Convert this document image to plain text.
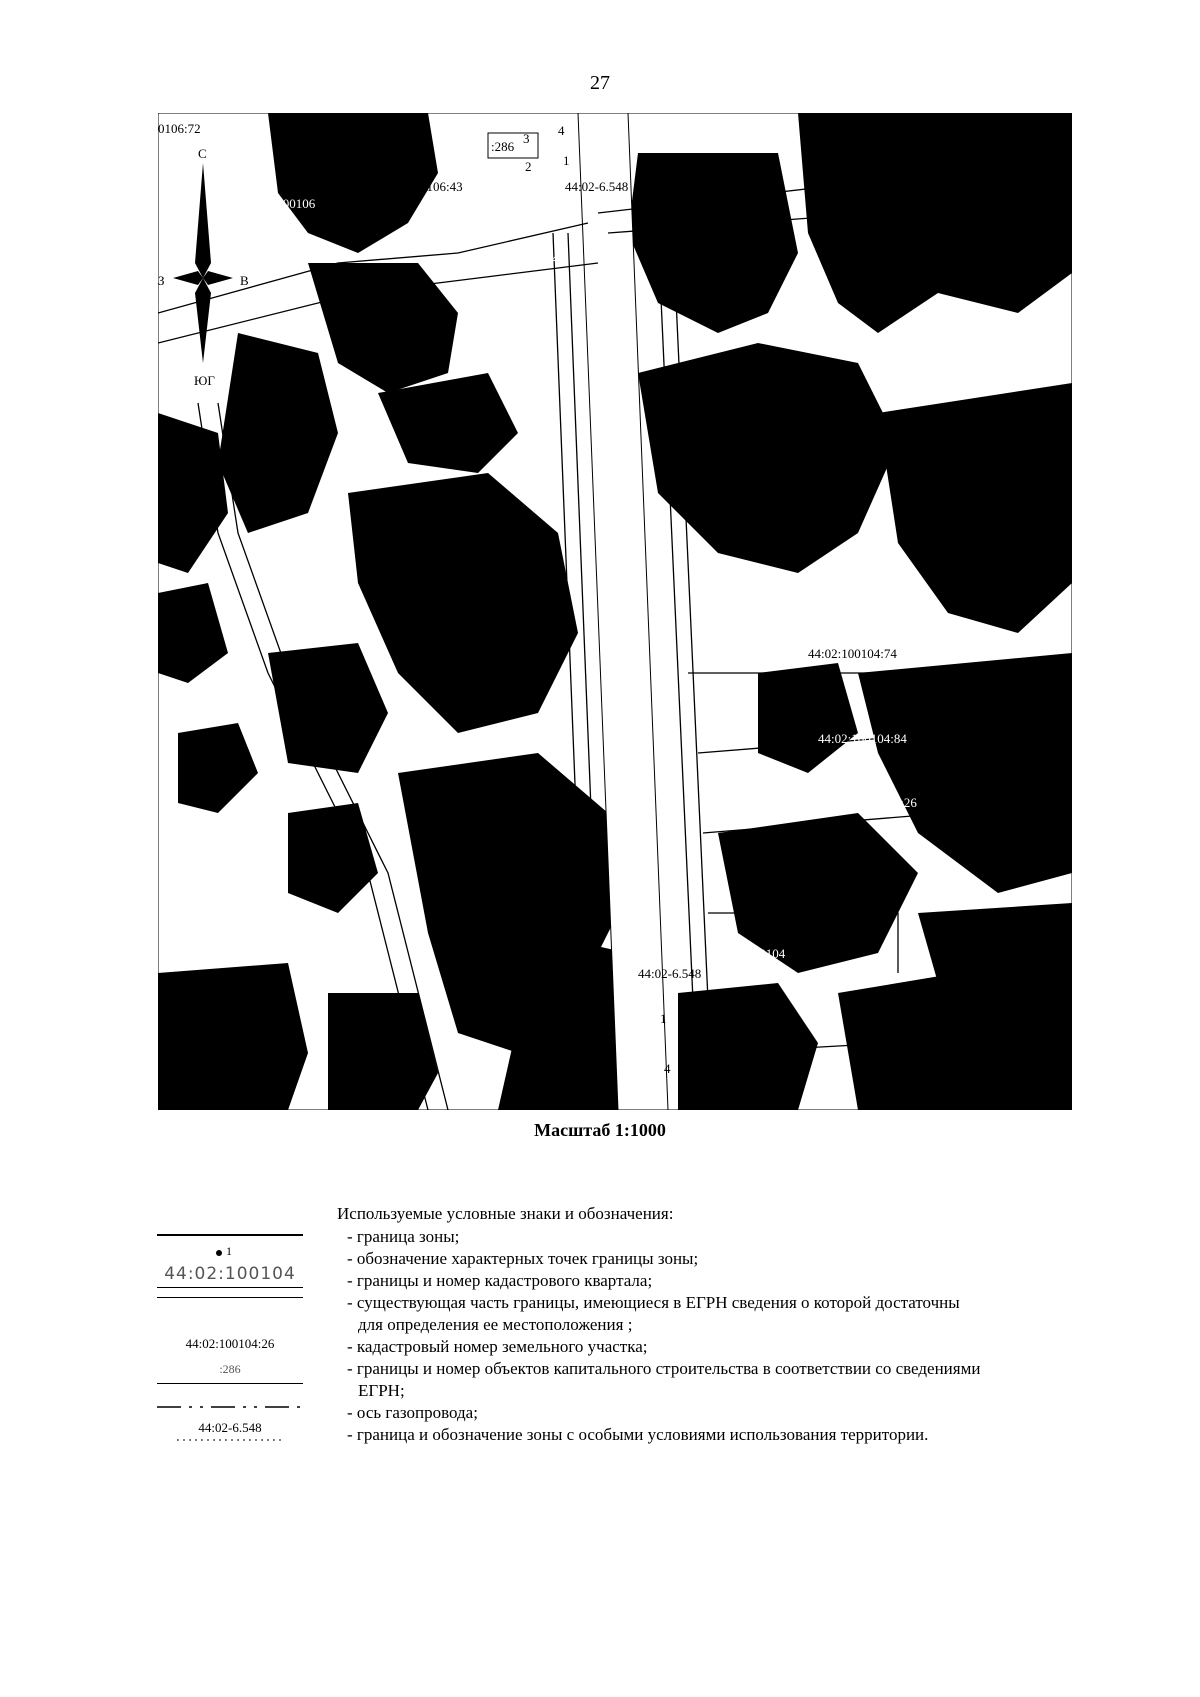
27
С
З	В
ЮГ
0106:72
:286
3
4
2 1
0106:43	44:02-6.548
44:02-6.4
44:02:100106
44:02:100104:18
44:02:100104:74
44:02:100104:84
44:02:100104:26
44:02:100104
44:02-6.548
44:02:100
1
4
Масштаб 1:1000
Используемые условные знаки и обозначения:
1
44:02:100104
44:02:100104:26
:286
44:02-6.548
- граница зоны;
- обозначение характерных точек границы зоны;
- границы и номер кадастрового квартала;
- существующая часть границы, имеющиеся в ЕГРН сведения о которой достаточны
для определения ее местоположения ;
- кадастровый номер земельного участка;
- границы и номер объектов капитального строительства в соответствии со сведениями
ЕГРН;
- ось газопровода;
- граница и обозначение зоны с особыми условиями использования территории.
